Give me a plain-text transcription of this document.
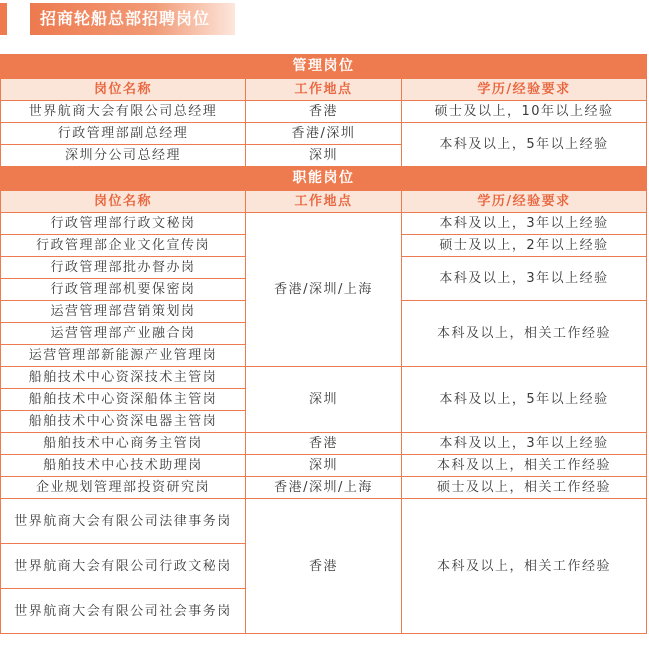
招商轮船总部招聘岗位
管理岗位		
岗位名称	工作地点	学历/经验要求
世界航商大会有限公司总经理	香港	硕士及以上，10年以上经验
行政管理部副总经理	香港/深圳	本科及以上，5年以上经验
深圳分公司总经理	深圳	
职能岗位		
岗位名称	工作地点	学历/经验要求
行政管理部行政文秘岗	香港/深圳/上海	本科及以上，3年以上经验
行政管理部企业文化宣传岗		硕士及以上，2年以上经验
行政管理部批办督办岗		本科及以上，3年以上经验
行政管理部机要保密岗		
运营管理部营销策划岗		本科及以上，相关工作经验
运营管理部产业融合岗		
运营管理部新能源产业管理岗		
船舶技术中心资深技术主管岗	深圳	本科及以上，5年以上经验
船舶技术中心资深船体主管岗		
船舶技术中心资深电器主管岗		
船舶技术中心商务主管岗	香港	本科及以上，3年以上经验
船舶技术中心技术助理岗	深圳	本科及以上，相关工作经验
企业规划管理部投资研究岗	香港/深圳/上海	硕士及以上，相关工作经验
世界航商大会有限公司法律事务岗	香港	本科及以上，相关工作经验
世界航商大会有限公司行政文秘岗		
世界航商大会有限公司社会事务岗		
